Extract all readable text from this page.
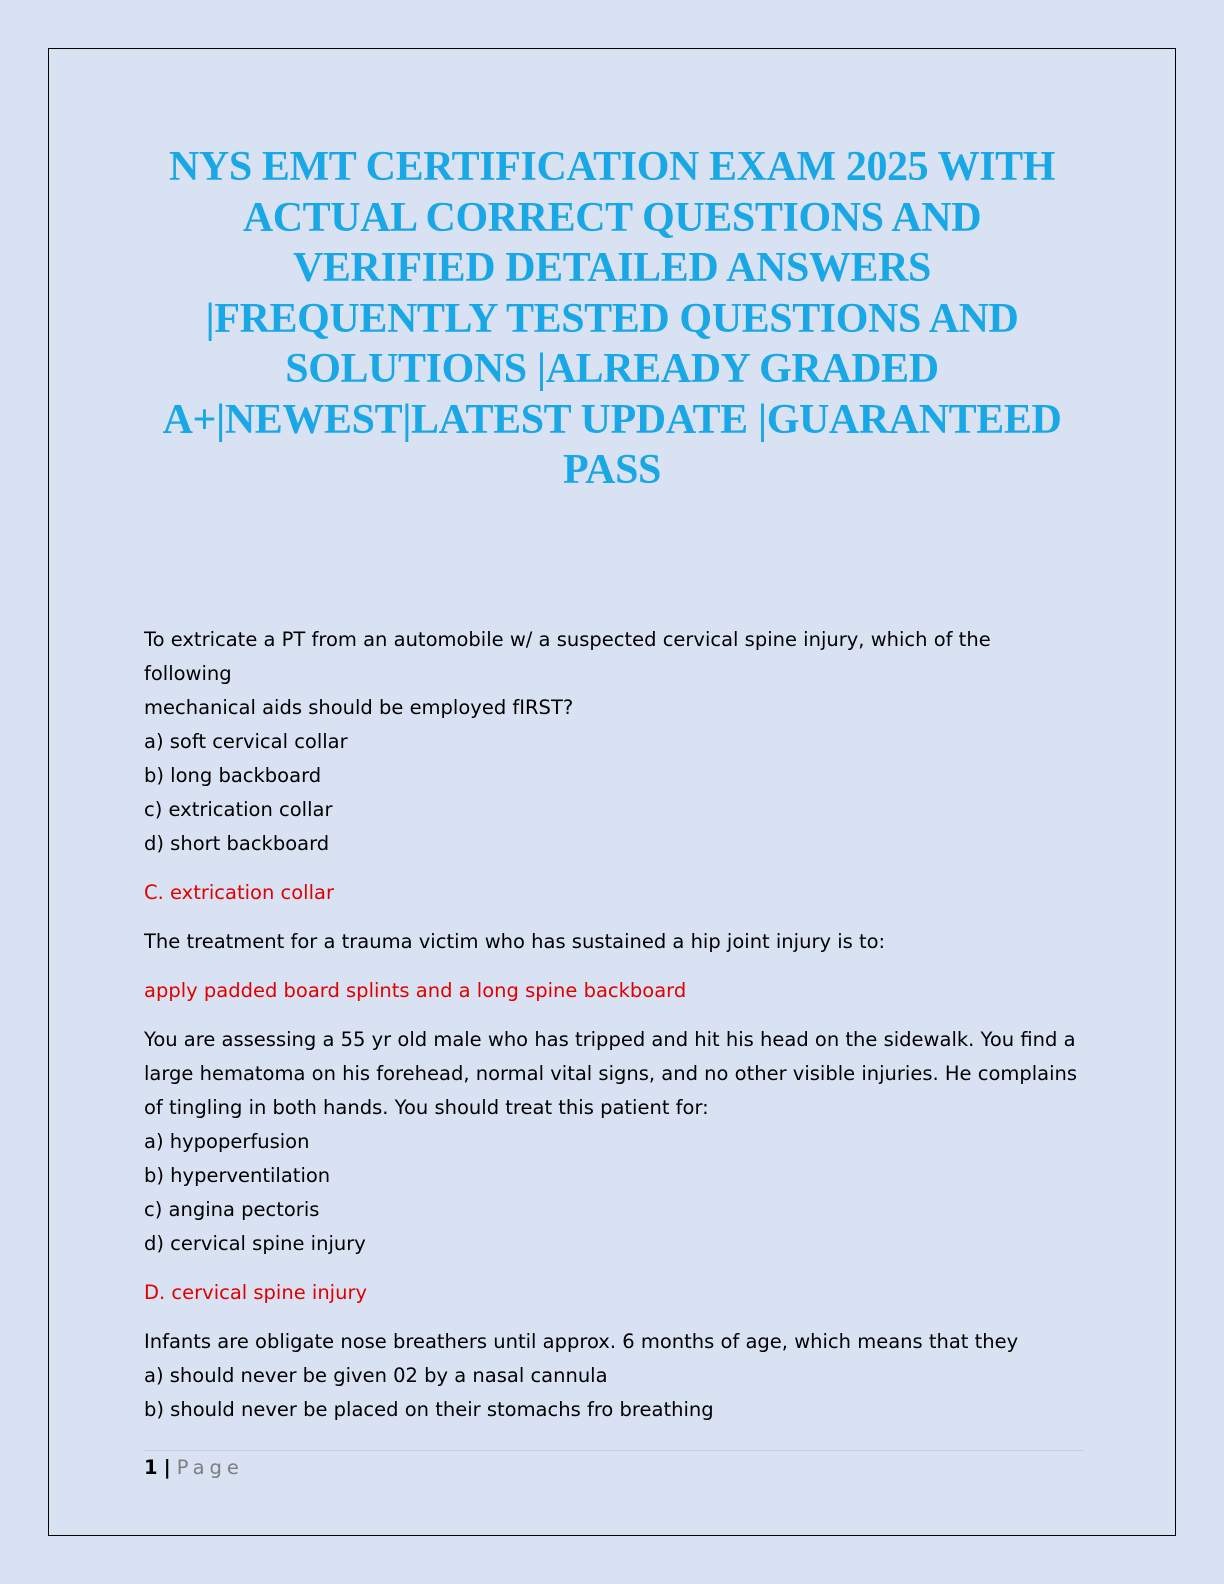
NYS EMT CERTIFICATION EXAM 2025 WITH
ACTUAL CORRECT QUESTIONS AND
VERIFIED DETAILED ANSWERS
|FREQUENTLY TESTED QUESTIONS AND
SOLUTIONS |ALREADY GRADED
A+|NEWEST|LATEST UPDATE |GUARANTEED
PASS

To extricate a PT from an automobile w/ a suspected cervical spine injury, which of the following

mechanical aids should be employed fIRST?

a) soft cervical collar

b) long backboard

c) extrication collar

d) short backboard

C. extrication collar

The treatment for a trauma victim who has sustained a hip joint injury is to:

apply padded board splints and a long spine backboard

You are assessing a 55 yr old male who has tripped and hit his head on the sidewalk. You find a

large hematoma on his forehead, normal vital signs, and no other visible injuries. He complains

of tingling in both hands. You should treat this patient for:

a) hypoperfusion

b) hyperventilation

c) angina pectoris

d) cervical spine injury

D. cervical spine injury

Infants are obligate nose breathers until approx. 6 months of age, which means that they

a) should never be given 02 by a nasal cannula

b) should never be placed on their stomachs fro breathing

1 | Page
